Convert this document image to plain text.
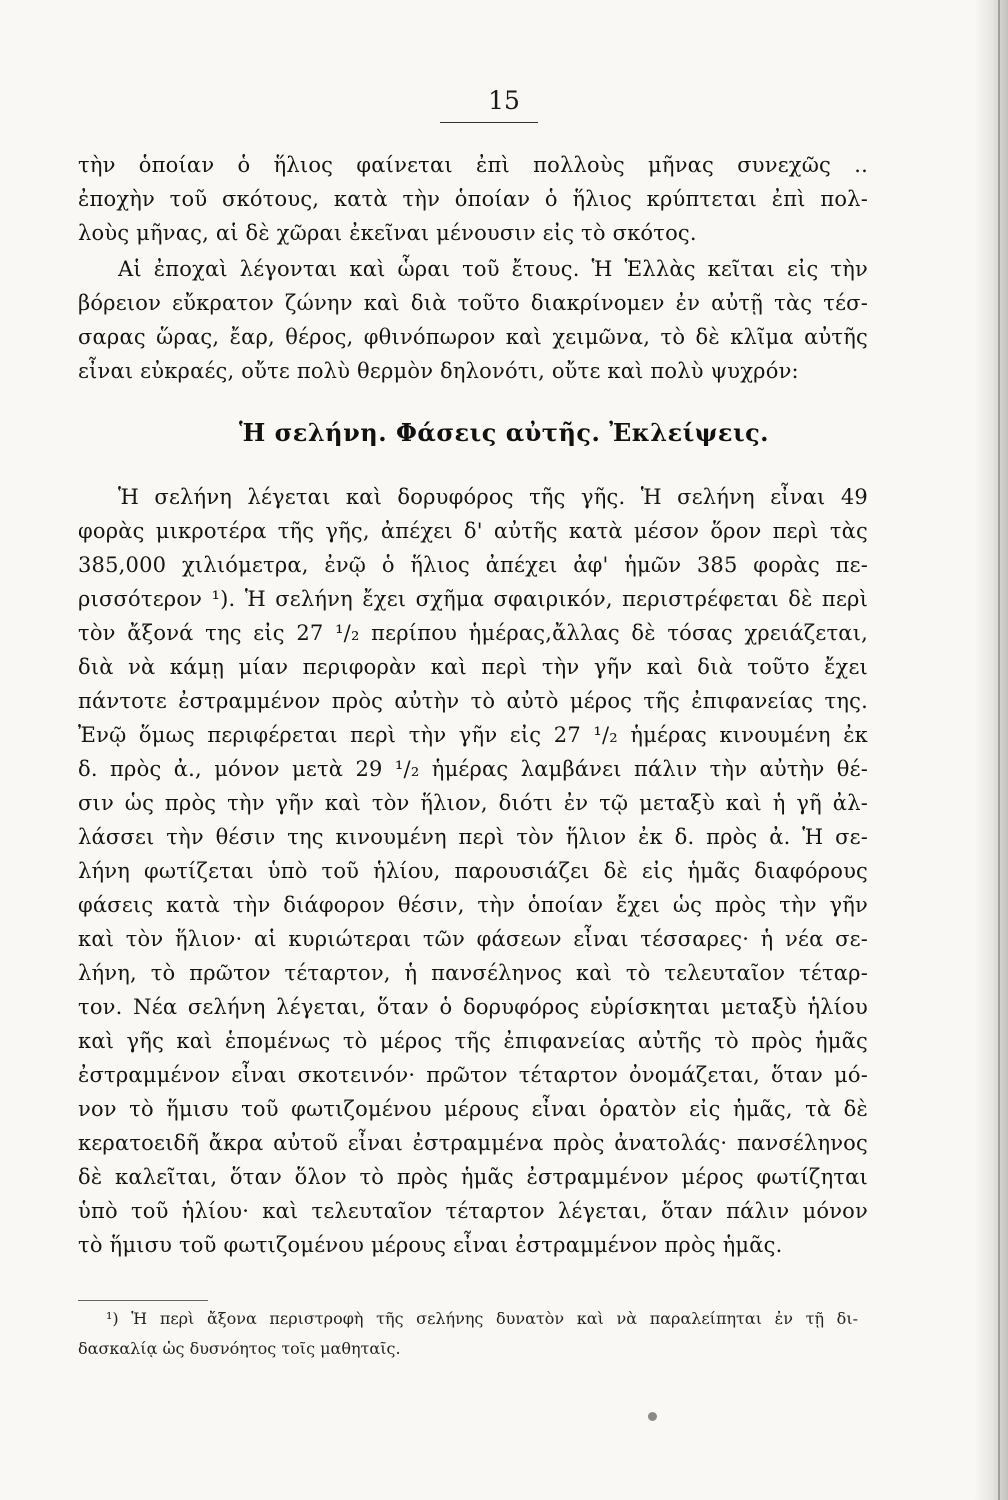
15
τὴν ὁποίαν ὁ ἥλιος φαίνεται ἐπὶ πολλοὺς μῆνας συνεχῶς ..
ἐποχὴν τοῦ σκότους, κατὰ τὴν ὁποίαν ὁ ἥλιος κρύπτεται ἐπὶ πολ-
λοὺς μῆνας, αἱ δὲ χῶραι ἐκεῖναι μένουσιν εἰς τὸ σκότος.
Αἱ ἐποχαὶ λέγονται καὶ ὧραι τοῦ ἔτους. Ἡ Ἑλλὰς κεῖται εἰς τὴν
βόρειον εὔκρατον ζώνην καὶ διὰ τοῦτο διακρίνομεν ἐν αὐτῇ τὰς τέσ-
σαρας ὥρας, ἔαρ, θέρος, φθινόπωρον καὶ χειμῶνα, τὸ δὲ κλῖμα αὐτῆς
εἶναι εὐκραές, οὔτε πολὺ θερμὸν δηλονότι, οὔτε καὶ πολὺ ψυχρόν:
Ἡ σελήνη. Φάσεις αὐτῆς. Ἐκλείψεις.
Ἡ σελήνη λέγεται καὶ δορυφόρος τῆς γῆς. Ἡ σελήνη εἶναι 49
φορὰς μικροτέρα τῆς γῆς, ἀπέχει δ' αὐτῆς κατὰ μέσον ὅρον περὶ τὰς
385,000 χιλιόμετρα, ἐνῷ ὁ ἥλιος ἀπέχει ἀφ' ἡμῶν 385 φορὰς πε-
ρισσότερον ¹). Ἡ σελήνη ἔχει σχῆμα σφαιρικόν, περιστρέφεται δὲ περὶ
τὸν ἄξονά της εἰς 27 ¹/₂ περίπου ἡμέρας,ἄλλας δὲ τόσας χρειάζεται,
διὰ νὰ κάμῃ μίαν περιφορὰν καὶ περὶ τὴν γῆν καὶ διὰ τοῦτο ἔχει
πάντοτε ἐστραμμένον πρὸς αὐτὴν τὸ αὐτὸ μέρος τῆς ἐπιφανείας της.
Ἐνῷ ὅμως περιφέρεται περὶ τὴν γῆν εἰς 27 ¹/₂ ἡμέρας κινουμένη ἐκ
δ. πρὸς ἀ., μόνον μετὰ 29 ¹/₂ ἡμέρας λαμβάνει πάλιν τὴν αὐτὴν θέ-
σιν ὡς πρὸς τὴν γῆν καὶ τὸν ἥλιον, διότι ἐν τῷ μεταξὺ καὶ ἡ γῆ ἀλ-
λάσσει τὴν θέσιν της κινουμένη περὶ τὸν ἥλιον ἐκ δ. πρὸς ἀ. Ἡ σε-
λήνη φωτίζεται ὑπὸ τοῦ ἡλίου, παρουσιάζει δὲ εἰς ἡμᾶς διαφόρους
φάσεις κατὰ τὴν διάφορον θέσιν, τὴν ὁποίαν ἔχει ὡς πρὸς τὴν γῆν
καὶ τὸν ἥλιον· αἱ κυριώτεραι τῶν φάσεων εἶναι τέσσαρες· ἡ νέα σε-
λήνη, τὸ πρῶτον τέταρτον, ἡ πανσέληνος καὶ τὸ τελευταῖον τέταρ-
τον. Νέα σελήνη λέγεται, ὅταν ὁ δορυφόρος εὑρίσκηται μεταξὺ ἡλίου
καὶ γῆς καὶ ἑπομένως τὸ μέρος τῆς ἐπιφανείας αὐτῆς τὸ πρὸς ἡμᾶς
ἐστραμμένον εἶναι σκοτεινόν· πρῶτον τέταρτον ὀνομάζεται, ὅταν μό-
νον τὸ ἥμισυ τοῦ φωτιζομένου μέρους εἶναι ὁρατὸν εἰς ἡμᾶς, τὰ δὲ
κερατοειδῆ ἄκρα αὐτοῦ εἶναι ἐστραμμένα πρὸς ἀνατολάς· πανσέληνος
δὲ καλεῖται, ὅταν ὅλον τὸ πρὸς ἡμᾶς ἐστραμμένον μέρος φωτίζηται
ὑπὸ τοῦ ἡλίου· καὶ τελευταῖον τέταρτον λέγεται, ὅταν πάλιν μόνον
τὸ ἥμισυ τοῦ φωτιζομένου μέρους εἶναι ἐστραμμένον πρὸς ἡμᾶς.
¹) Ἡ περὶ ἄξονα περιστροφὴ τῆς σελήνης δυνατὸν καὶ νὰ παραλείπηται ἐν τῇ δι-
δασκαλίᾳ ὡς δυσνόητος τοῖς μαθηταῖς.
